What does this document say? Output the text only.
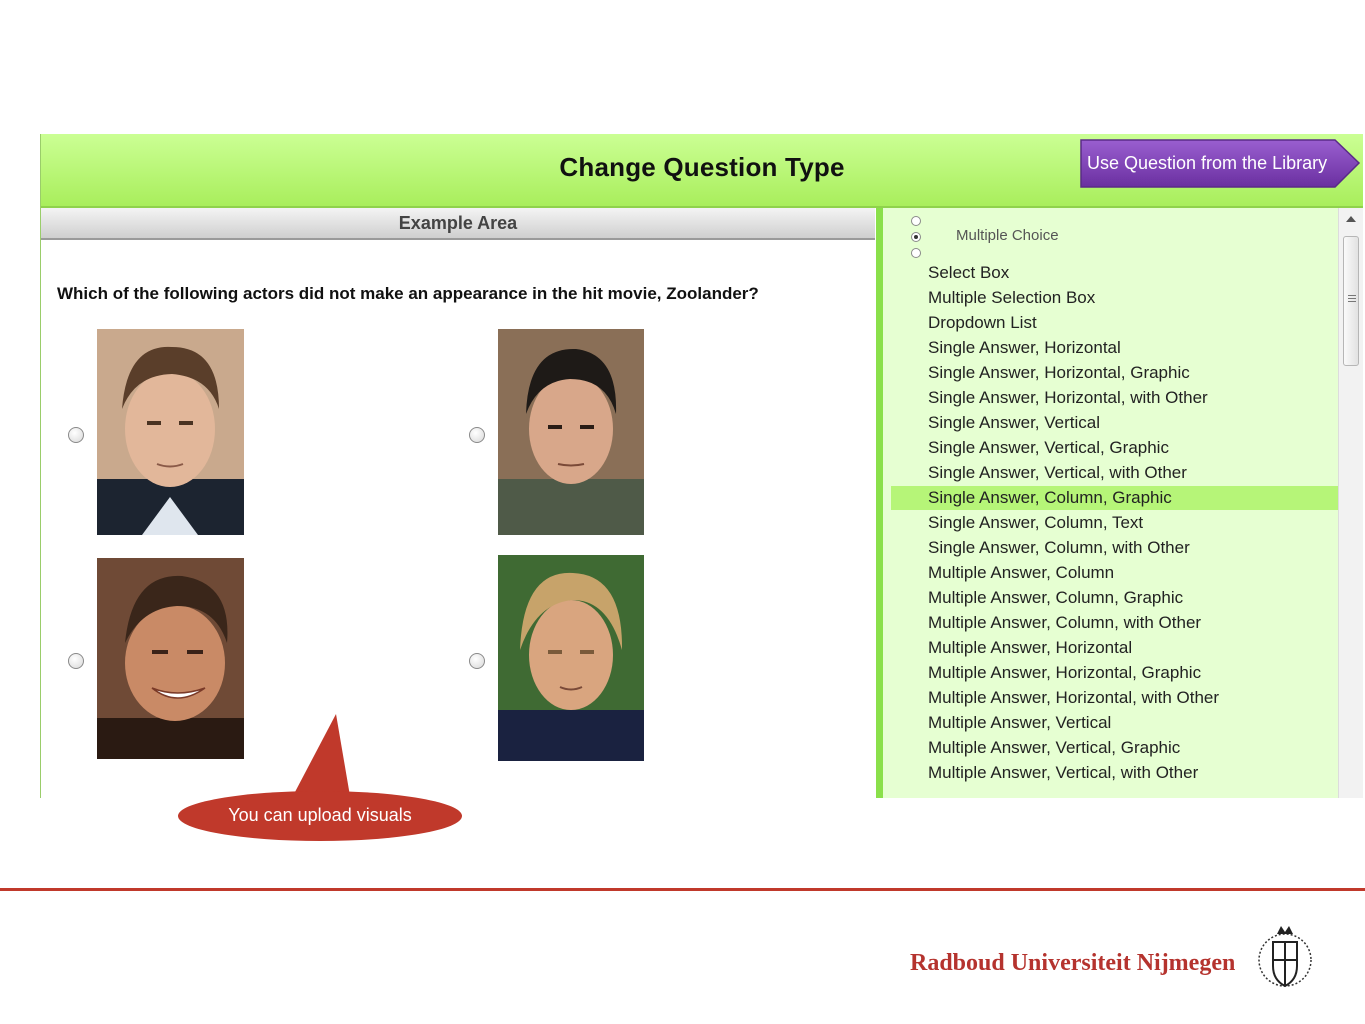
Change Question Type	Use Question from the Library
Example Area
Which of the following actors did not make an appearance in the hit movie, Zoolander?
Multiple Choice
Select Box
Multiple Selection Box
Dropdown List
Single Answer, Horizontal
Single Answer, Horizontal, Graphic
Single Answer, Horizontal, with Other
Single Answer, Vertical
Single Answer, Vertical, Graphic
Single Answer, Vertical, with Other
Single Answer, Column, Graphic
Single Answer, Column, Text
Single Answer, Column, with Other
Multiple Answer, Column
Multiple Answer, Column, Graphic
Multiple Answer, Column, with Other
Multiple Answer, Horizontal
Multiple Answer, Horizontal, Graphic
Multiple Answer, Horizontal, with Other
Multiple Answer, Vertical
Multiple Answer, Vertical, Graphic
Multiple Answer, Vertical, with Other
You can upload visuals
Radboud Universiteit Nijmegen
